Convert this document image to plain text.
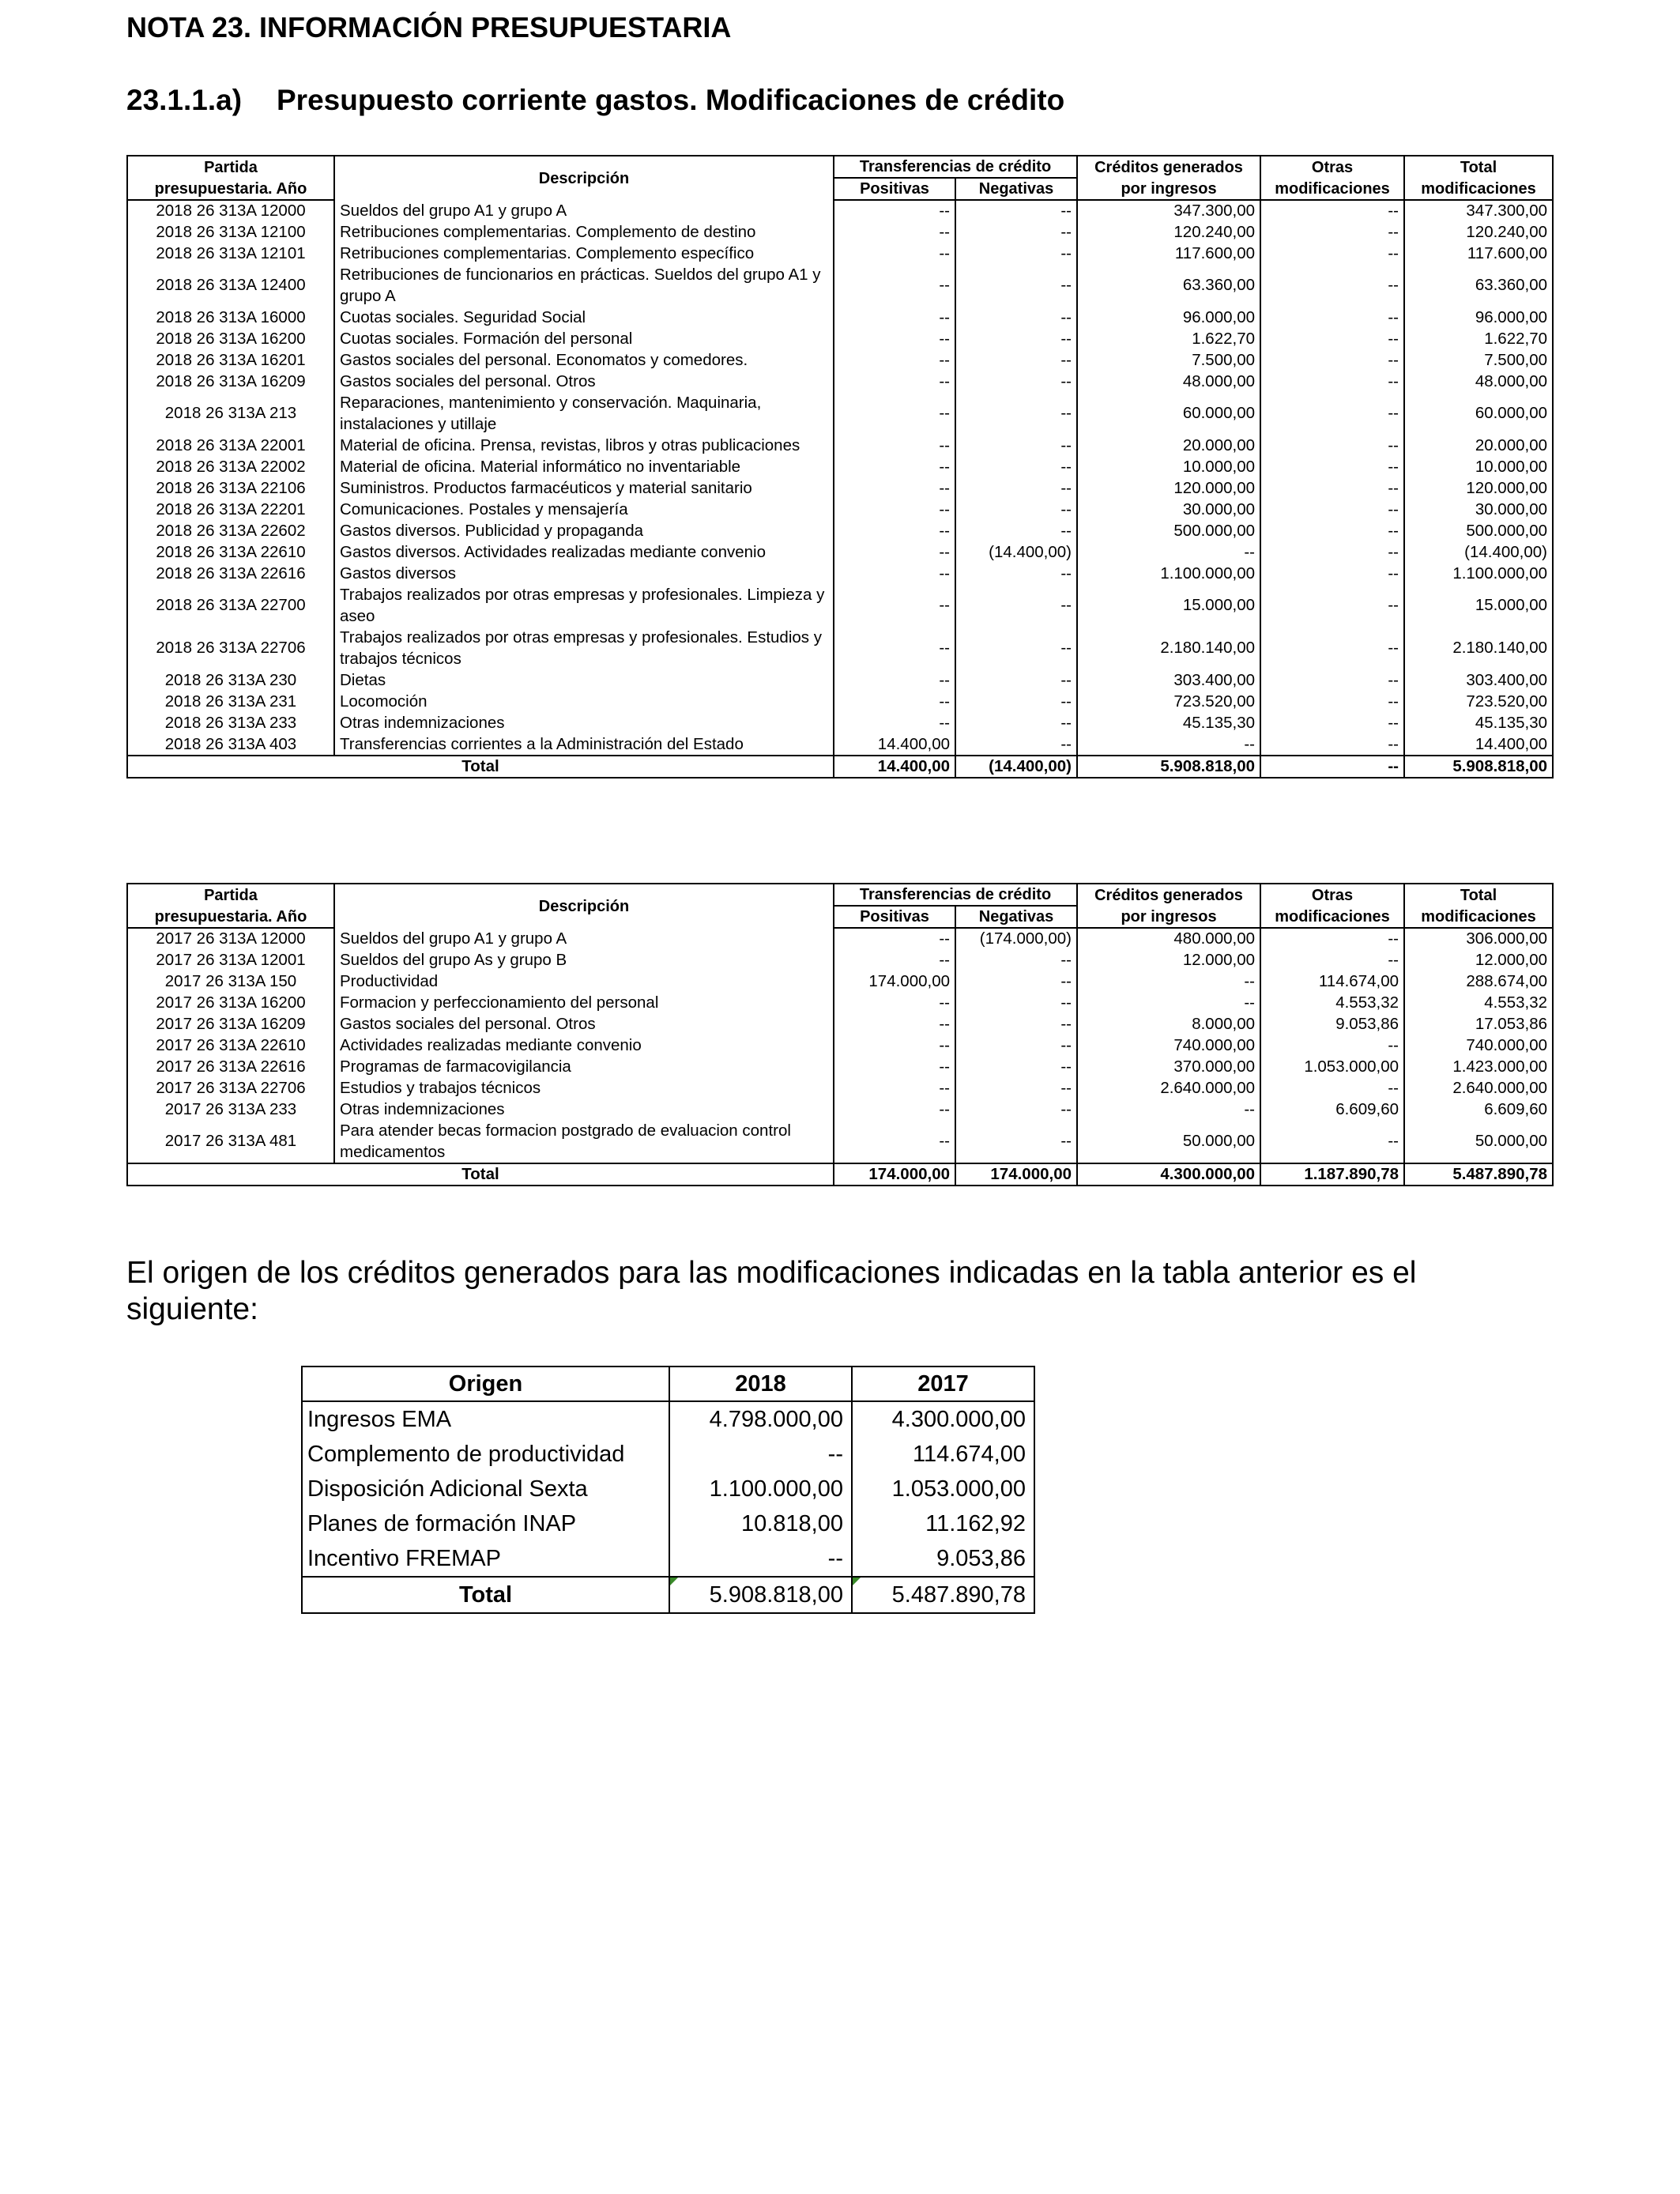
NOTA 23. INFORMACIÓN PRESUPUESTARIA
23.1.1.a) Presupuesto corriente gastos. Modificaciones de crédito
Partida	Descripción	Transferencias de crédito		Créditos generados	Otras	Total
presupuestaria. Año		Positivas	Negativas	por ingresos	modificaciones	modificaciones
2018 26 313A 12000	Sueldos del grupo A1 y grupo A	--	--	347.300,00	--	347.300,00
2018 26 313A 12100	Retribuciones complementarias. Complemento de destino	--	--	120.240,00	--	120.240,00
2018 26 313A 12101	Retribuciones complementarias. Complemento específico	--	--	117.600,00	--	117.600,00
2018 26 313A 12400	Retribuciones de funcionarios en prácticas. Sueldos del grupo A1 y grupo A	--	--	63.360,00	--	63.360,00
2018 26 313A 16000	Cuotas sociales. Seguridad Social	--	--	96.000,00	--	96.000,00
2018 26 313A 16200	Cuotas sociales. Formación del personal	--	--	1.622,70	--	1.622,70
2018 26 313A 16201	Gastos sociales del personal. Economatos y comedores.	--	--	7.500,00	--	7.500,00
2018 26 313A 16209	Gastos sociales del personal. Otros	--	--	48.000,00	--	48.000,00
2018 26 313A 213	Reparaciones, mantenimiento y conservación. Maquinaria, instalaciones y utillaje	--	--	60.000,00	--	60.000,00
2018 26 313A 22001	Material de oficina. Prensa, revistas, libros y otras publicaciones	--	--	20.000,00	--	20.000,00
2018 26 313A 22002	Material de oficina. Material informático no inventariable	--	--	10.000,00	--	10.000,00
2018 26 313A 22106	Suministros. Productos farmacéuticos y material sanitario	--	--	120.000,00	--	120.000,00
2018 26 313A 22201	Comunicaciones. Postales y mensajería	--	--	30.000,00	--	30.000,00
2018 26 313A 22602	Gastos diversos. Publicidad y propaganda	--	--	500.000,00	--	500.000,00
2018 26 313A 22610	Gastos diversos. Actividades realizadas mediante convenio	--	(14.400,00)	--	--	(14.400,00)
2018 26 313A 22616	Gastos diversos	--	--	1.100.000,00	--	1.100.000,00
2018 26 313A 22700	Trabajos realizados por otras empresas y profesionales. Limpieza y aseo	--	--	15.000,00	--	15.000,00
2018 26 313A 22706	Trabajos realizados por otras empresas y profesionales. Estudios y trabajos técnicos	--	--	2.180.140,00	--	2.180.140,00
2018 26 313A 230	Dietas	--	--	303.400,00	--	303.400,00
2018 26 313A 231	Locomoción	--	--	723.520,00	--	723.520,00
2018 26 313A 233	Otras indemnizaciones	--	--	45.135,30	--	45.135,30
2018 26 313A 403	Transferencias corrientes a la Administración del Estado	14.400,00	--	--	--	14.400,00
Total		14.400,00	(14.400,00)	5.908.818,00	--	5.908.818,00
Partida	Descripción	Transferencias de crédito		Créditos generados	Otras	Total
presupuestaria. Año		Positivas	Negativas	por ingresos	modificaciones	modificaciones
2017 26 313A 12000	Sueldos del grupo A1 y grupo A	--	(174.000,00)	480.000,00	--	306.000,00
2017 26 313A 12001	Sueldos del grupo As y grupo B	--	--	12.000,00	--	12.000,00
2017 26 313A 150	Productividad	174.000,00	--	--	114.674,00	288.674,00
2017 26 313A 16200	Formacion y perfeccionamiento del personal	--	--	--	4.553,32	4.553,32
2017 26 313A 16209	Gastos sociales del personal. Otros	--	--	8.000,00	9.053,86	17.053,86
2017 26 313A 22610	Actividades realizadas mediante convenio	--	--	740.000,00	--	740.000,00
2017 26 313A 22616	Programas de farmacovigilancia	--	--	370.000,00	1.053.000,00	1.423.000,00
2017 26 313A 22706	Estudios y trabajos técnicos	--	--	2.640.000,00	--	2.640.000,00
2017 26 313A 233	Otras indemnizaciones	--	--	--	6.609,60	6.609,60
2017 26 313A 481	Para atender becas formacion postgrado de evaluacion control medicamentos	--	--	50.000,00	--	50.000,00
Total		174.000,00	174.000,00	4.300.000,00	1.187.890,78	5.487.890,78
El origen de los créditos generados para las modificaciones indicadas en la tabla anterior es el siguiente:
Origen	2018	2017
Ingresos EMA	4.798.000,00	4.300.000,00
Complemento de productividad	--	114.674,00
Disposición Adicional Sexta	1.100.000,00	1.053.000,00
Planes de formación INAP	10.818,00	11.162,92
Incentivo FREMAP	--	9.053,86
Total	5.908.818,00	5.487.890,78
